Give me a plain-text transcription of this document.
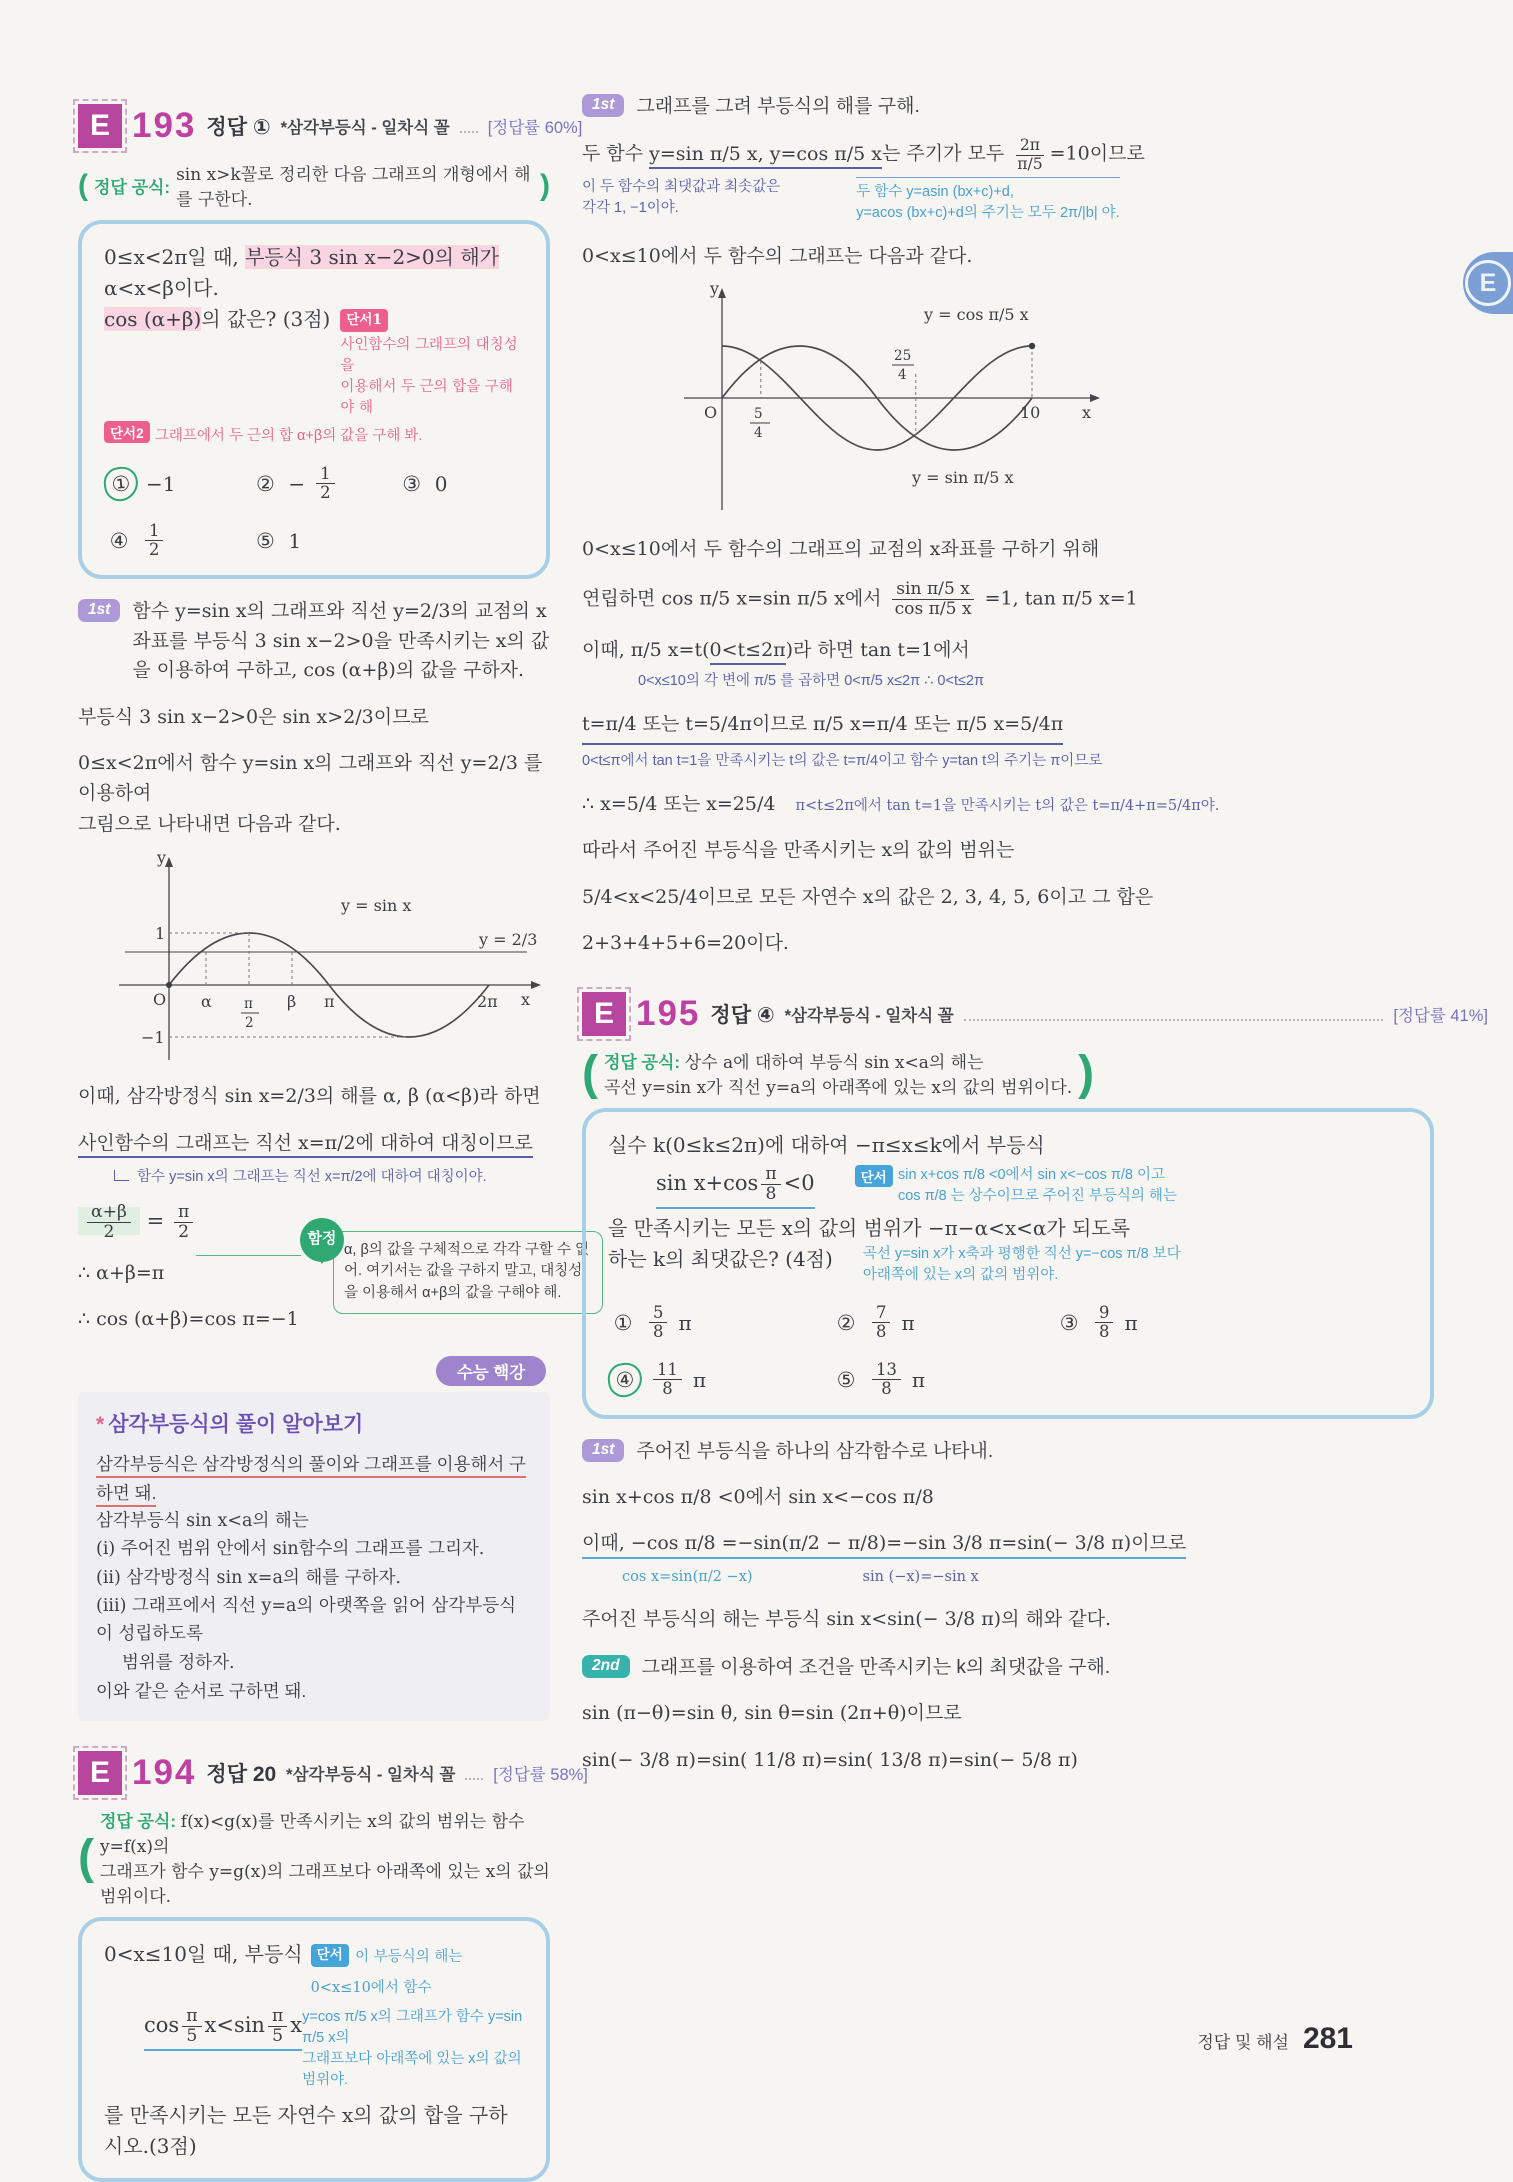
E 193 정답 ① *삼각부등식 - 일차식 꼴 [정답률 60%]
( 정답 공식:
sin x>k꼴로 정리한 다음 그래프의 개형에서 해를 구한다.	)
0≤x<2π일 때, 부등식 3 sin x−2>0의 해가 α<x<β이다.
cos (α+β)의 값은? (3점)	단서1 사인함수의 그래프의 대칭성을
이용해서 두 근의 합을 구해야 해
단서2 그래프에서 두 근의 합 α+β의 값을 구해 봐.
① −1	② − $\frac{1}{2}$	③ 0
④	$\frac{1}{2}$	⑤ 1
1st	함수 y=sin x의 그래프와 직선 y=2/3의 교점의 x좌표를 부등식 3 sin x−2>0을 만족시키는 x의 값을 이용하여 구하고, cos (α+β)의 값을 구하자.
부등식 3 sin x−2>0은 sin x>2/3이므로
0≤x<2π에서 함수 y=sin x의 그래프와 직선 y=2/3 를 이용하여
그림으로 나타내면 다음과 같다.
y
1
−1
O α π
2
β π	2π x
y = sin x
y = 2/3
이때, 삼각방정식 sin x=2/3의 해를 α, β (α<β)라 하면
사인함수의 그래프는 직선 x=π/2에 대하여 대칭이므로
함수 y=sin x의 그래프는 직선 x=π/2에 대하여 대칭이야.
$\frac{\alpha+\beta}{2} = \frac{\pi}{2}$
∴ α+β=π
∴ cos (α+β)=cos π=−1
함정
α, β의 값을 구체적으로 각각 구할 수 없어. 여기서는 값을 구하지 말고, 대칭성을 이용해서 α+β의 값을 구해야 해.
수능 핵강
* 삼각부등식의 풀이 알아보기
삼각부등식은 삼각방정식의 풀이와 그래프를 이용해서 구하면 돼.
삼각부등식 sin x<a의 해는
(i) 주어진 범위 안에서 sin함수의 그래프를 그리자.
(ii) 삼각방정식 sin x=a의 해를 구하자.
(iii) 그래프에서 직선 y=a의 아랫쪽을 읽어 삼각부등식이 성립하도록
범위를 정하자.
이와 같은 순서로 구하면 돼.
E 194 정답 20 *삼각부등식 - 일차식 꼴 [정답률 58%]
(
정답 공식: f(x)<g(x)를 만족시키는 x의 값의 범위는 함수 y=f(x)의
그래프가 함수 y=g(x)의 그래프보다 아래쪽에 있는 x의 값의 범위이다.
0<x≤10일 때, 부등식	단서 이 부등식의 해는 0<x≤10에서 함수
$\cos \frac{\pi}{5} x<\sin \frac{\pi}{5}$ x y=cos π/5 x의 그래프가 함수 y=sin π/5 x의
그래프보다 아래쪽에 있는 x의 값의 범위야.
를 만족시키는 모든 자연수 x의 값의 합을 구하시오.(3점)
1st	그래프를 그려 부등식의 해를 구해.
두 함수 y=sin π/5 x, y=cos π/5 x는 주기가 모두 $\frac{2\pi}{\pi/5} =10$이므로
이 두 함수의 최댓값과 최솟값은
각각 1, −1이야.
두 함수 y=asin (bx+c)+d,
y=acos (bx+c)+d의 주기는 모두 2π/|b| 야.
0<x≤10에서 두 함수의 그래프는 다음과 같다.
y
O	5
4
25
4
10	x
y = cos π/5 x
y = sin π/5 x
0<x≤10에서 두 함수의 그래프의 교점의 x좌표를 구하기 위해
연립하면 cos π/5 x=sin π/5 x에서 $\frac{\text{sin π/5 x}}{\text{cos π/5 x}} =1$, tan π/5 x=1
이때, π/5 x=t(0<t≤2π)라 하면 tan t=1에서
0<x≤10의 각 변에 π/5 를 곱하면 0<π/5 x≤2π ∴ 0<t≤2π
t=π/4 또는 t=5/4π이므로 π/5 x=π/4 또는 π/5 x=5/4π
0<t≤π에서 tan t=1을 만족시키는 t의 값은 t=π/4이고 함수 y=tan t의 주기는 π이므로
∴ x=5/4 또는 x=25/4 π<t≤2π에서 tan t=1을 만족시키는 t의 값은 t=π/4+π=5/4π야.
따라서 주어진 부등식을 만족시키는 x의 값의 범위는
5/4<x<25/4이므로 모든 자연수 x의 값은 2, 3, 4, 5, 6이고 그 합은
2+3+4+5+6=20이다.
E 195 정답 ④ *삼각부등식 - 일차식 꼴	[정답률 41%]
( 정답 공식: 상수 a에 대하여 부등식 sin x<a의 해는
곡선 y=sin x가 직선 y=a의 아래쪽에 있는 x의 값의 범위이다. )
실수 k(0≤k≤2π)에 대하여 −π≤x≤k에서 부등식
$\sin x+\cos \frac{\pi}{8} <0$	단서 sin x+cos π/8 <0에서 sin x<−cos π/8 이고
cos π/8 는 상수이므로 주어진 부등식의 해는
을 만족시키는 모든 x의 값의 범위가 −π−α<x<α가 되도록
하는 k의 최댓값은? (4점) 곡선 y=sin x가 x축과 평행한 직선 y=−cos π/8 보다
아래쪽에 있는 x의 값의 범위야.
①	$\frac{5}{8}$ π	②	$\frac{7}{8}$ π	③	$\frac{9}{8}$ π
④	$\frac{11}{8}$ π	⑤	$\frac{13}{8}$ π
1st	주어진 부등식을 하나의 삼각함수로 나타내.
sin x+cos π/8 <0에서 sin x<−cos π/8
이때, −cos π/8 =−sin(π/2 − π/8)=−sin 3/8 π=sin(− 3/8 π)이므로
cos x=sin(π/2 −x)	sin (−x)=−sin x
주어진 부등식의 해는 부등식 sin x<sin(− 3/8 π)의 해와 같다.
2nd	그래프를 이용하여 조건을 만족시키는 k의 최댓값을 구해.
sin (π−θ)=sin θ, sin θ=sin (2π+θ)이므로
sin(− 3/8 π)=sin( 11/8 π)=sin( 13/8 π)=sin(− 5/8 π)
E
정답 및 해설 281
